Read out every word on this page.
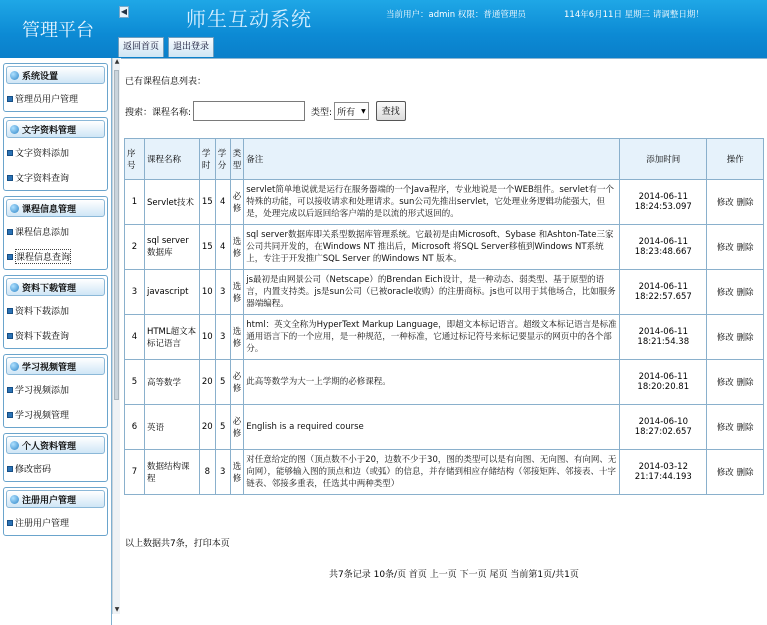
管理平台
◀	师生互动系统	当前用户：admin 权限：普通管理员	114年6月11日 星期三 请调整日期！
返回首页	退出登录
系统设置
管理员用户管理
文字资料管理
文字资料添加
文字资料查询
课程信息管理
课程信息添加
课程信息查询
资料下载管理
资料下载添加
资料下载查询
学习视频管理
学习视频添加
学习视频管理
个人资料管理
修改密码
注册用户管理
注册用户管理
▲
▼
已有课程信息列表：
搜索：课程名称:	类型: 所有 ▼	查找
序号	课程名称	学时	学分	类型	备注	添加时间	操作
1	Servlet技术	15	4	必修	servlet简单地说就是运行在服务器端的一个Java程序，专业地说是一个WEB组件。servlet有一个特殊的功能，可以接收请求和处理请求。sun公司先推出servlet，它处理业务逻辑功能强大，但是，处理完成以后返回给客户端的是以流的形式返回的。	2014-06-11
18:24:53.097	修改 删除
2	sql server数据库	15	4	选修	sql server数据库即关系型数据库管理系统。它最初是由Microsoft、Sybase 和Ashton-Tate三家公司共同开发的，在Windows NT 推出后，Microsoft 将SQL Server移植到Windows NT系统上，专注于开发推广SQL Server 的Windows NT 版本。	2014-06-11
18:23:48.667	修改 删除
3	javascript	10	3	选修	js最初是由网景公司（Netscape）的Brendan Eich设计，是一种动态、弱类型、基于原型的语言，内置支持类。js是sun公司（已被oracle收购）的注册商标。js也可以用于其他场合，比如服务器端编程。	2014-06-11
18:22:57.657	修改 删除
4	HTML超文本标记语言	10	3	选修	html：英文全称为HyperText Markup Language，即超文本标记语言。超级文本标记语言是标准通用语言下的一个应用，是一种规范，一种标准，它通过标记符号来标记要显示的网页中的各个部分。	2014-06-11
18:21:54.38	修改 删除
5	高等数学	20	5	必修	此高等数学为大一上学期的必修课程。	2014-06-11
18:20:20.81	修改 删除
6	英语	20	5	必修	English is a required course	2014-06-10
18:27:02.657	修改 删除
7	数据结构课程	8	3	选修	对任意给定的图（顶点数不小于20，边数不少于30，图的类型可以是有向图、无向图、有向网、无向网），能够输入图的顶点和边（或弧）的信息，并存储到相应存储结构（邻接矩阵、邻接表、十字链表、邻接多重表，任选其中两种类型）	2014-03-12
21:17:44.193	修改 删除
以上数据共7条，打印本页
共7条记录 10条/页 首页 上一页 下一页 尾页 当前第1页/共1页
